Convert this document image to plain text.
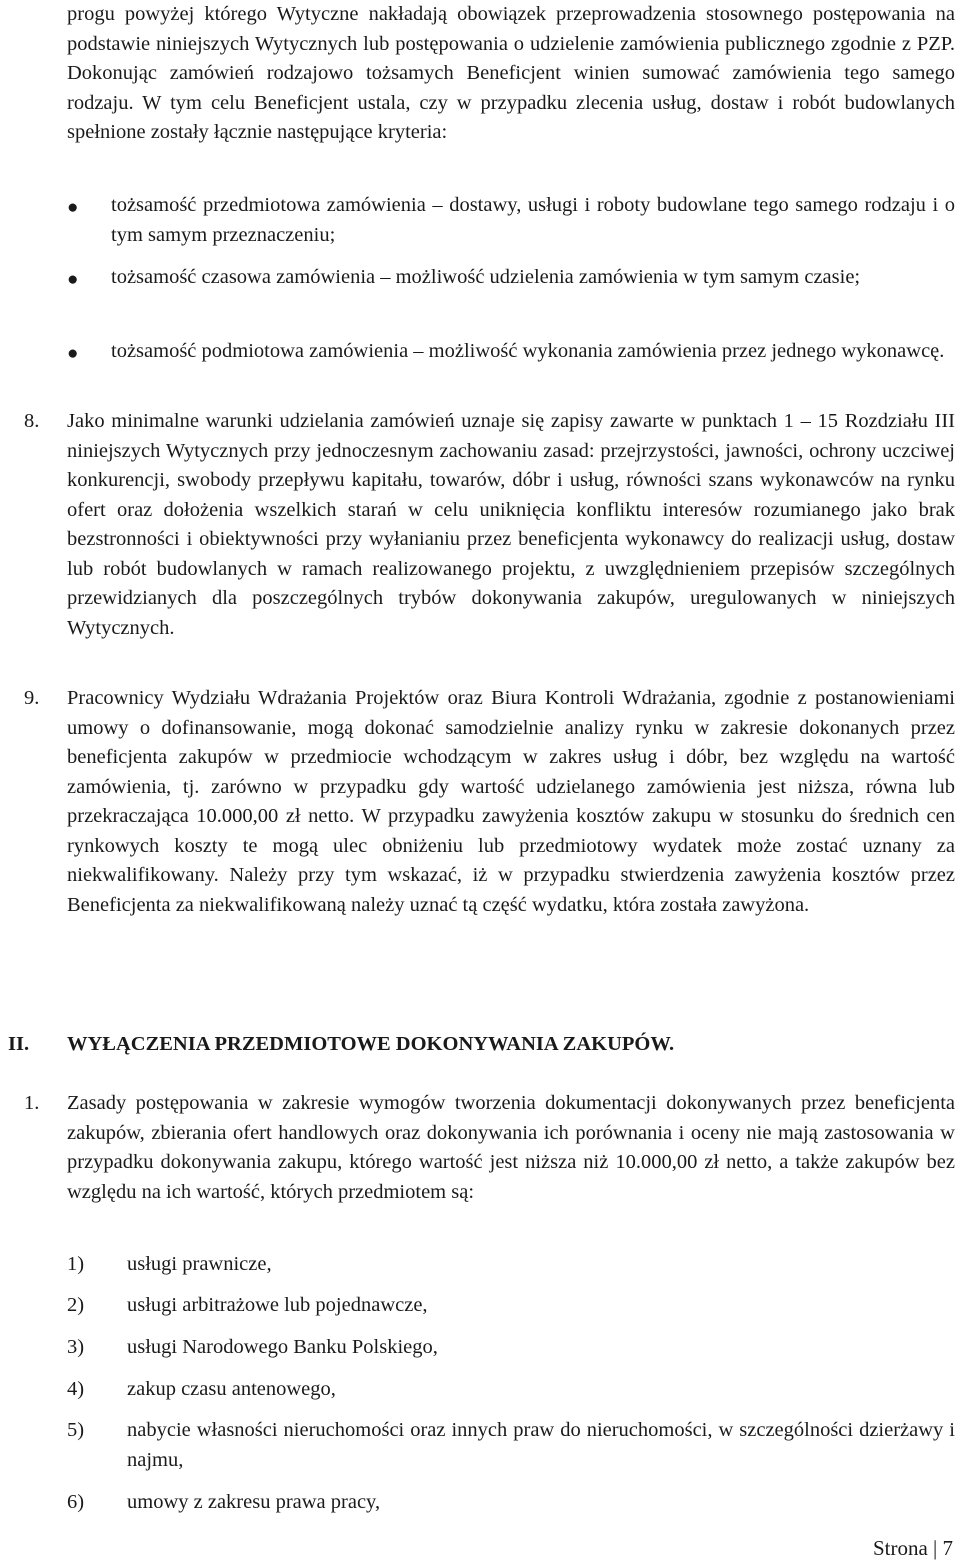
progu powyżej którego Wytyczne nakładają obowiązek przeprowadzenia stosownego postępowania na podstawie niniejszych Wytycznych lub postępowania o udzielenie zamówienia publicznego zgodnie z PZP. Dokonując zamówień rodzajowo tożsamych Beneficjent winien sumować zamówienia tego samego rodzaju. W tym celu Beneficjent ustala, czy w przypadku zlecenia usług, dostaw i robót budowlanych spełnione zostały łącznie następujące kryteria:

● tożsamość przedmiotowa zamówienia – dostawy, usługi i roboty budowlane tego samego rodzaju i o tym samym przeznaczeniu;

● tożsamość czasowa zamówienia – możliwość udzielenia zamówienia w tym samym czasie;

● tożsamość podmiotowa zamówienia – możliwość wykonania zamówienia przez jednego wykonawcę.

8. Jako minimalne warunki udzielania zamówień uznaje się zapisy zawarte w punktach 1 – 15 Rozdziału III niniejszych Wytycznych przy jednoczesnym zachowaniu zasad: przejrzystości, jawności, ochrony uczciwej konkurencji, swobody przepływu kapitału, towarów, dóbr i usług, równości szans wykonawców na rynku ofert oraz dołożenia wszelkich starań w celu uniknięcia konfliktu interesów rozumianego jako brak bezstronności i obiektywności przy wyłanianiu przez beneficjenta wykonawcy do realizacji usług, dostaw lub robót budowlanych w ramach realizowanego projektu, z uwzględnieniem przepisów szczególnych przewidzianych dla poszczególnych trybów dokonywania zakupów, uregulowanych w niniejszych Wytycznych.

9. Pracownicy Wydziału Wdrażania Projektów oraz Biura Kontroli Wdrażania, zgodnie z postanowieniami umowy o dofinansowanie, mogą dokonać samodzielnie analizy rynku w zakresie dokonanych przez beneficjenta zakupów w przedmiocie wchodzącym w zakres usług i dóbr, bez względu na wartość zamówienia, tj. zarówno w przypadku gdy wartość udzielanego zamówienia jest niższa, równa lub przekraczająca 10.000,00 zł netto. W przypadku zawyżenia kosztów zakupu w stosunku do średnich cen rynkowych koszty te mogą ulec obniżeniu lub przedmiotowy wydatek może zostać uznany za niekwalifikowany. Należy przy tym wskazać, iż w przypadku stwierdzenia zawyżenia kosztów przez Beneficjenta za niekwalifikowaną należy uznać tą część wydatku, która została zawyżona.

II. WYŁĄCZENIA PRZEDMIOTOWE DOKONYWANIA ZAKUPÓW.
1. Zasady postępowania w zakresie wymogów tworzenia dokumentacji dokonywanych przez beneficjenta zakupów, zbierania ofert handlowych oraz dokonywania ich porównania i oceny nie mają zastosowania w przypadku dokonywania zakupu, którego wartość jest niższa niż 10.000,00 zł netto, a także zakupów bez względu na ich wartość, których przedmiotem są:

1) usługi prawnicze,

2) usługi arbitrażowe lub pojednawcze,

3) usługi Narodowego Banku Polskiego,

4) zakup czasu antenowego,

5) nabycie własności nieruchomości oraz innych praw do nieruchomości, w szczególności dzierżawy i najmu,

6) umowy z zakresu prawa pracy,

Strona | 7
